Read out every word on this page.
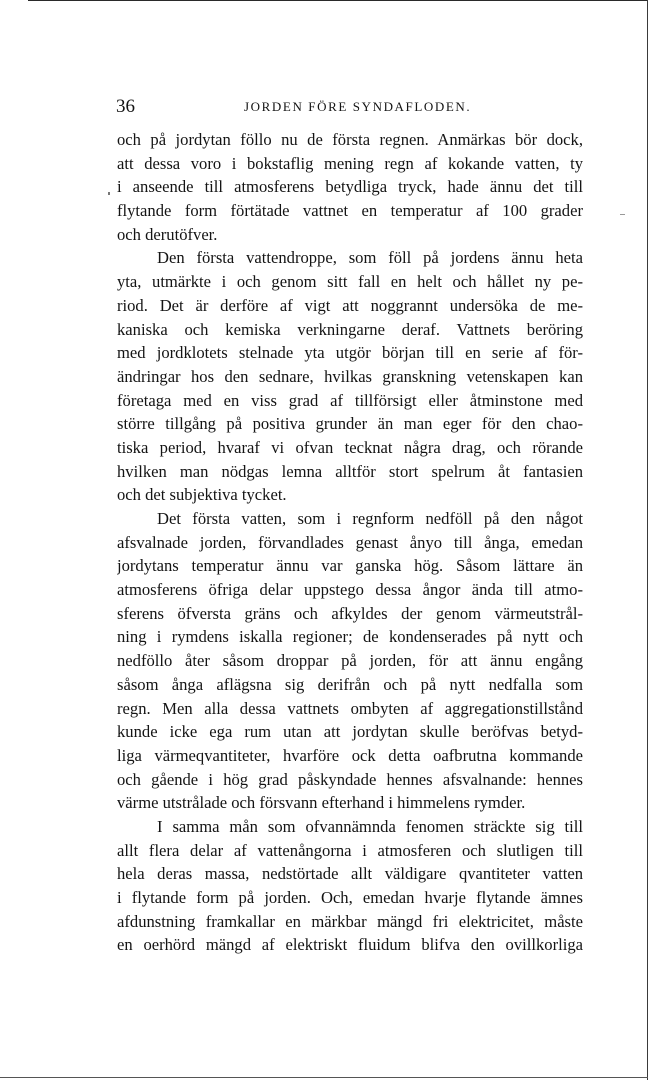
36	JORDEN FÖRE SYNDAFLODEN.
och på jordytan föllo nu de första regnen. Anmärkas bör dock,
att dessa voro i bokstaflig mening regn af kokande vatten, ty
i anseende till atmosferens betydliga tryck, hade ännu det till
flytande form förtätade vattnet en temperatur af 100 grader
och derutöfver.
Den första vattendroppe, som föll på jordens ännu heta
yta, utmärkte i och genom sitt fall en helt och hållet ny pe-
riod. Det är derföre af vigt att noggrannt undersöka de me-
kaniska och kemiska verkningarne deraf. Vattnets beröring
med jordklotets stelnade yta utgör början till en serie af för-
ändringar hos den sednare, hvilkas granskning vetenskapen kan
företaga med en viss grad af tillförsigt eller åtminstone med
större tillgång på positiva grunder än man eger för den chao-
tiska period, hvaraf vi ofvan tecknat några drag, och rörande
hvilken man nödgas lemna alltför stort spelrum åt fantasien
och det subjektiva tycket.
Det första vatten, som i regnform nedföll på den något
afsvalnade jorden, förvandlades genast ånyo till ånga, emedan
jordytans temperatur ännu var ganska hög. Såsom lättare än
atmosferens öfriga delar uppstego dessa ångor ända till atmo-
sferens öfversta gräns och afkyldes der genom värmeutstrål-
ning i rymdens iskalla regioner; de kondenserades på nytt och
nedföllo åter såsom droppar på jorden, för att ännu engång
såsom ånga aflägsna sig derifrån och på nytt nedfalla som
regn. Men alla dessa vattnets ombyten af aggregationstillstånd
kunde icke ega rum utan att jordytan skulle beröfvas betyd-
liga värmeqvantiteter, hvarföre ock detta oafbrutna kommande
och gående i hög grad påskyndade hennes afsvalnande: hennes
värme utstrålade och försvann efterhand i himmelens rymder.
I samma mån som ofvannämnda fenomen sträckte sig till
allt flera delar af vattenångorna i atmosferen och slutligen till
hela deras massa, nedstörtade allt väldigare qvantiteter vatten
i flytande form på jorden. Och, emedan hvarje flytande ämnes
afdunstning framkallar en märkbar mängd fri elektricitet, måste
en oerhörd mängd af elektriskt fluidum blifva den ovillkorliga
